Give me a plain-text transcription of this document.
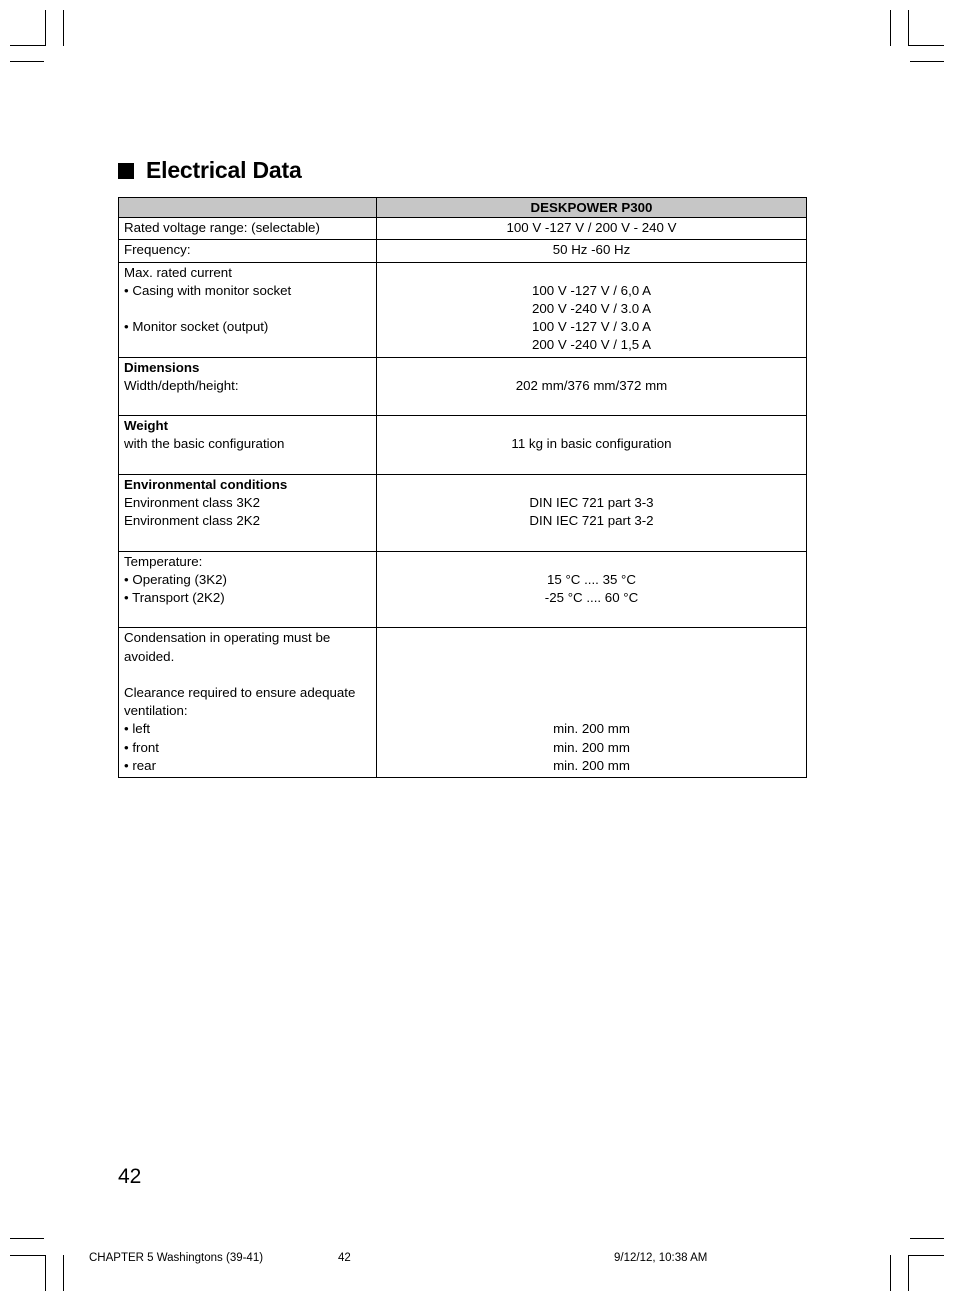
Electrical Data
	DESKPOWER P300

Rated voltage range: (selectable)	100 V -127 V / 200 V - 240 V

Frequency:	50 Hz -60 Hz

Max. rated current
• Casing with monitor socket
• Monitor socket (output)	100 V -127 V / 6,0 A
200 V -240 V / 3.0 A
100 V -127 V / 3.0 A
200 V -240 V / 1,5 A

Dimensions
Width/depth/height:	202 mm/376 mm/372 mm

Weight
with the basic configuration	11 kg in basic configuration

Environmental conditions
Environment class 3K2
Environment class 2K2	DIN IEC 721 part 3-3
DIN IEC 721 part 3-2

Temperature:
• Operating (3K2)
• Transport (2K2)	15 °C .... 35 °C
-25 °C .... 60 °C

Condensation in operating must be avoided.
Clearance required to ensure adequate ventilation:
• left
• front
• rear	min. 200 mm
min. 200 mm
min. 200 mm
42
CHAPTER 5 Washingtons (39-41)	42	9/12/12, 10:38 AM
